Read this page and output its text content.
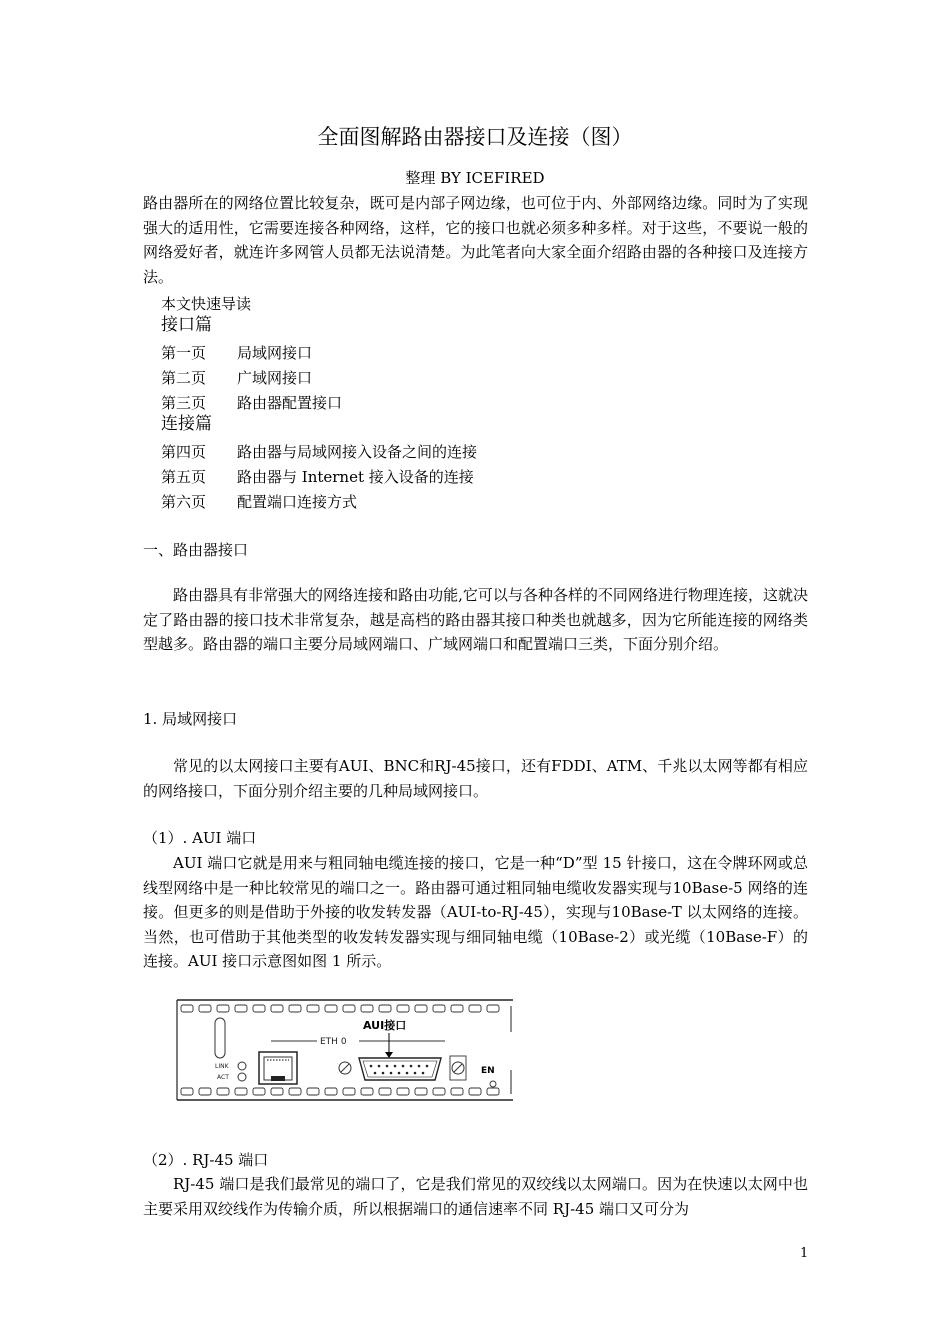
全面图解路由器接口及连接（图）
整理 BY ICEFIRED
路由器所在的网络位置比较复杂，既可是内部子网边缘，也可位于内、外部网络边缘。同时为了实现强大的适用性，它需要连接各种网络，这样，它的接口也就必须多种多样。对于这些，不要说一般的网络爱好者，就连许多网管人员都无法说清楚。为此笔者向大家全面介绍路由器的各种接口及连接方法。
本文快速导读
接口篇
第一页 局域网接口
第二页 广域网接口
第三页 路由器配置接口
连接篇
第四页 路由器与局域网接入设备之间的连接
第五页 路由器与 Internet 接入设备的连接
第六页 配置端口连接方式
一、路由器接口
路由器具有非常强大的网络连接和路由功能,它可以与各种各样的不同网络进行物理连接，这就决定了路由器的接口技术非常复杂，越是高档的路由器其接口种类也就越多，因为它所能连接的网络类型越多。路由器的端口主要分局域网端口、广域网端口和配置端口三类，下面分别介绍。
1. 局域网接口
常见的以太网接口主要有AUI、BNC和RJ-45接口，还有FDDI、ATM、千兆以太网等都有相应的网络接口，下面分别介绍主要的几种局域网接口。
（1）. AUI 端口
AUI 端口它就是用来与粗同轴电缆连接的接口，它是一种“D”型 15 针接口，这在令牌环网或总线型网络中是一种比较常见的端口之一。路由器可通过粗同轴电缆收发器实现与10Base-5 网络的连接。但更多的则是借助于外接的收发转发器（AUI-to-RJ-45），实现与10Base-T 以太网络的连接。当然，也可借助于其他类型的收发转发器实现与细同轴电缆（10Base-2）或光缆（10Base-F）的连接。AUI 接口示意图如图 1 所示。
ETH 0
AUI接口
LINK
ACT
EN
（2）. RJ-45 端口
RJ-45 端口是我们最常见的端口了，它是我们常见的双绞线以太网端口。因为在快速以太网中也主要采用双绞线作为传输介质，所以根据端口的通信速率不同 RJ-45 端口又可分为
1
